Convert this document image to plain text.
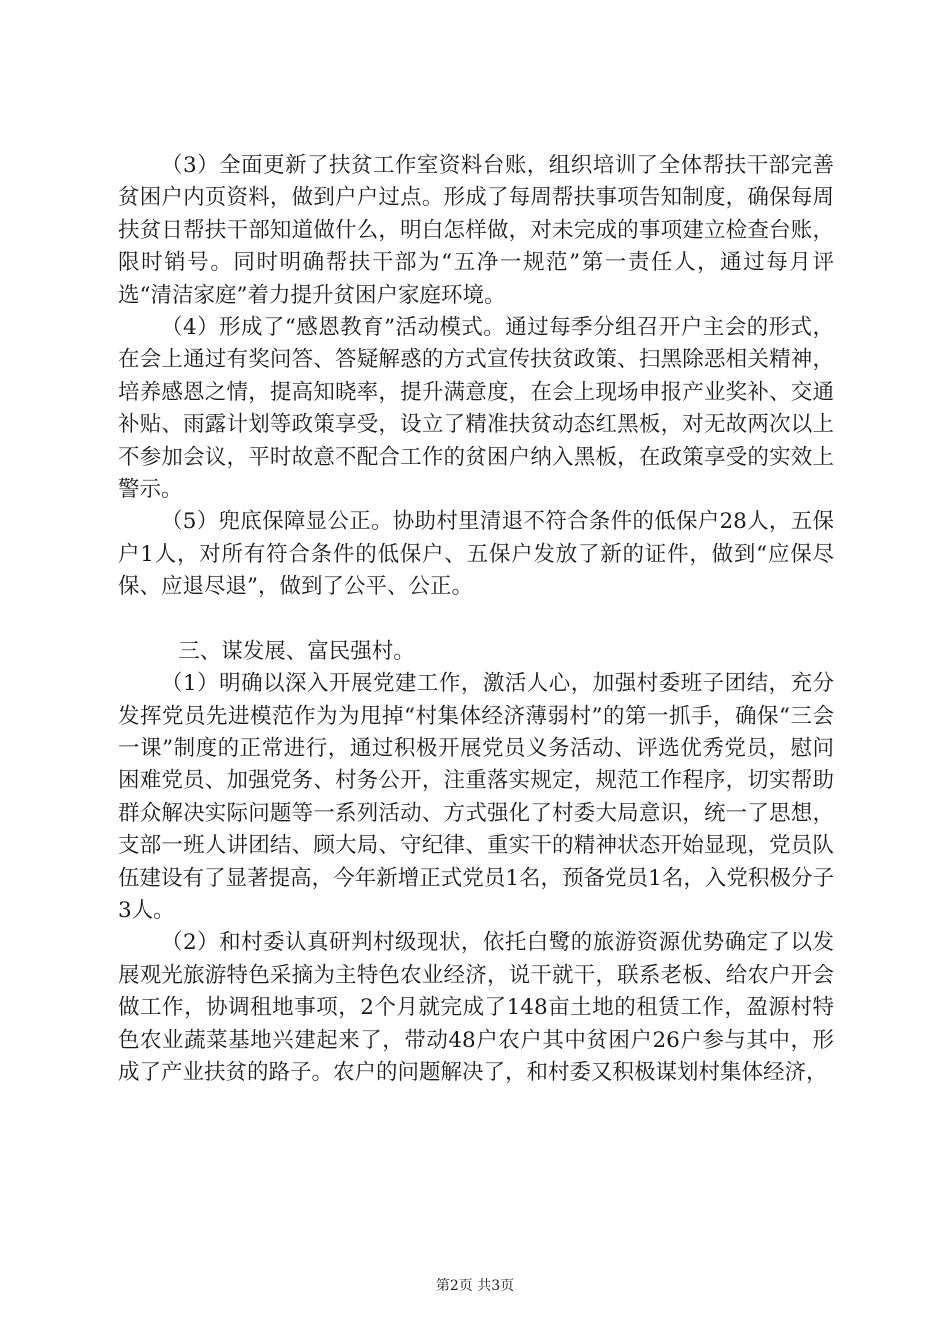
（3）全面更新了扶贫工作室资料台账，组织培训了全体帮扶干部完善贫困户内页资料，做到户户过点。形成了每周帮扶事项告知制度，确保每周扶贫日帮扶干部知道做什么，明白怎样做，对未完成的事项建立检查台账，限时销号。同时明确帮扶干部为“五净一规范”第一责任人，通过每月评选“清洁家庭”着力提升贫困户家庭环境。

（4）形成了“感恩教育”活动模式。通过每季分组召开户主会的形式，在会上通过有奖问答、答疑解惑的方式宣传扶贫政策、扫黑除恶相关精神，培养感恩之情，提高知晓率，提升满意度，在会上现场申报产业奖补、交通补贴、雨露计划等政策享受，设立了精准扶贫动态红黑板，对无故两次以上不参加会议，平时故意不配合工作的贫困户纳入黑板，在政策享受的实效上警示。

（5）兜底保障显公正。协助村里清退不符合条件的低保户28人，五保户1人，对所有符合条件的低保户、五保户发放了新的证件，做到“应保尽保、应退尽退”，做到了公平、公正。

三、谋发展、富民强村。

（1）明确以深入开展党建工作，激活人心，加强村委班子团结，充分发挥党员先进模范作为为甩掉“村集体经济薄弱村”的第一抓手，确保“三会一课”制度的正常进行，通过积极开展党员义务活动、评选优秀党员，慰问困难党员、加强党务、村务公开，注重落实规定，规范工作程序，切实帮助群众解决实际问题等一系列活动、方式强化了村委大局意识，统一了思想，支部一班人讲团结、顾大局、守纪律、重实干的精神状态开始显现，党员队伍建设有了显著提高，今年新增正式党员1名，预备党员1名，入党积极分子3人。

（2）和村委认真研判村级现状，依托白鹭的旅游资源优势确定了以发展观光旅游特色采摘为主特色农业经济，说干就干，联系老板、给农户开会做工作，协调租地事项，2个月就完成了148亩土地的租赁工作，盈源村特色农业蔬菜基地兴建起来了，带动48户农户其中贫困户26户参与其中，形成了产业扶贫的路子。农户的问题解决了，和村委又积极谋划村集体经济，

第2页 共3页
